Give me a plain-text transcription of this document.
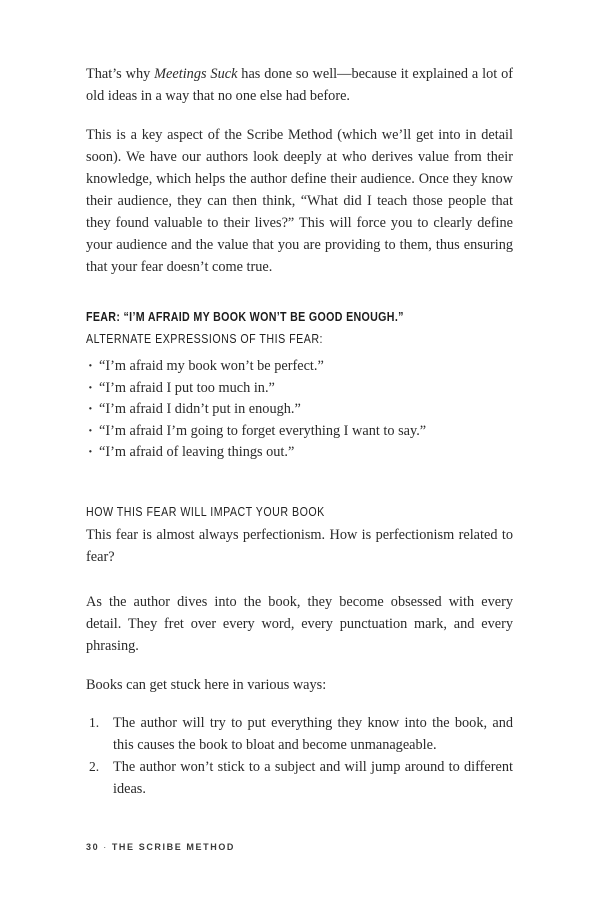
That’s why Meetings Suck has done so well—because it explained a lot of old ideas in a way that no one else had before.

This is a key aspect of the Scribe Method (which we’ll get into in detail soon). We have our authors look deeply at who derives value from their knowledge, which helps the author define their audience. Once they know their audience, they can then think, “What did I teach those people that they found valuable to their lives?” This will force you to clearly define your audience and the value that you are providing to them, thus ensuring that your fear doesn’t come true.

FEAR: “I’M AFRAID MY BOOK WON’T BE GOOD ENOUGH.”
ALTERNATE EXPRESSIONS OF THIS FEAR:
· “I’m afraid my book won’t be perfect.”
· “I’m afraid I put too much in.”
· “I’m afraid I didn’t put in enough.”
· “I’m afraid I’m going to forget everything I want to say.”
· “I’m afraid of leaving things out.”
HOW THIS FEAR WILL IMPACT YOUR BOOK

This fear is almost always perfectionism. How is perfectionism related to fear?

As the author dives into the book, they become obsessed with every detail. They fret over every word, every punctuation mark, and every phrasing.

Books can get stuck here in various ways:

1. The author will try to put everything they know into the book, and this causes the book to bloat and become unmanageable.
2. The author won’t stick to a subject and will jump around to different ideas.
30 · THE SCRIBE METHOD
